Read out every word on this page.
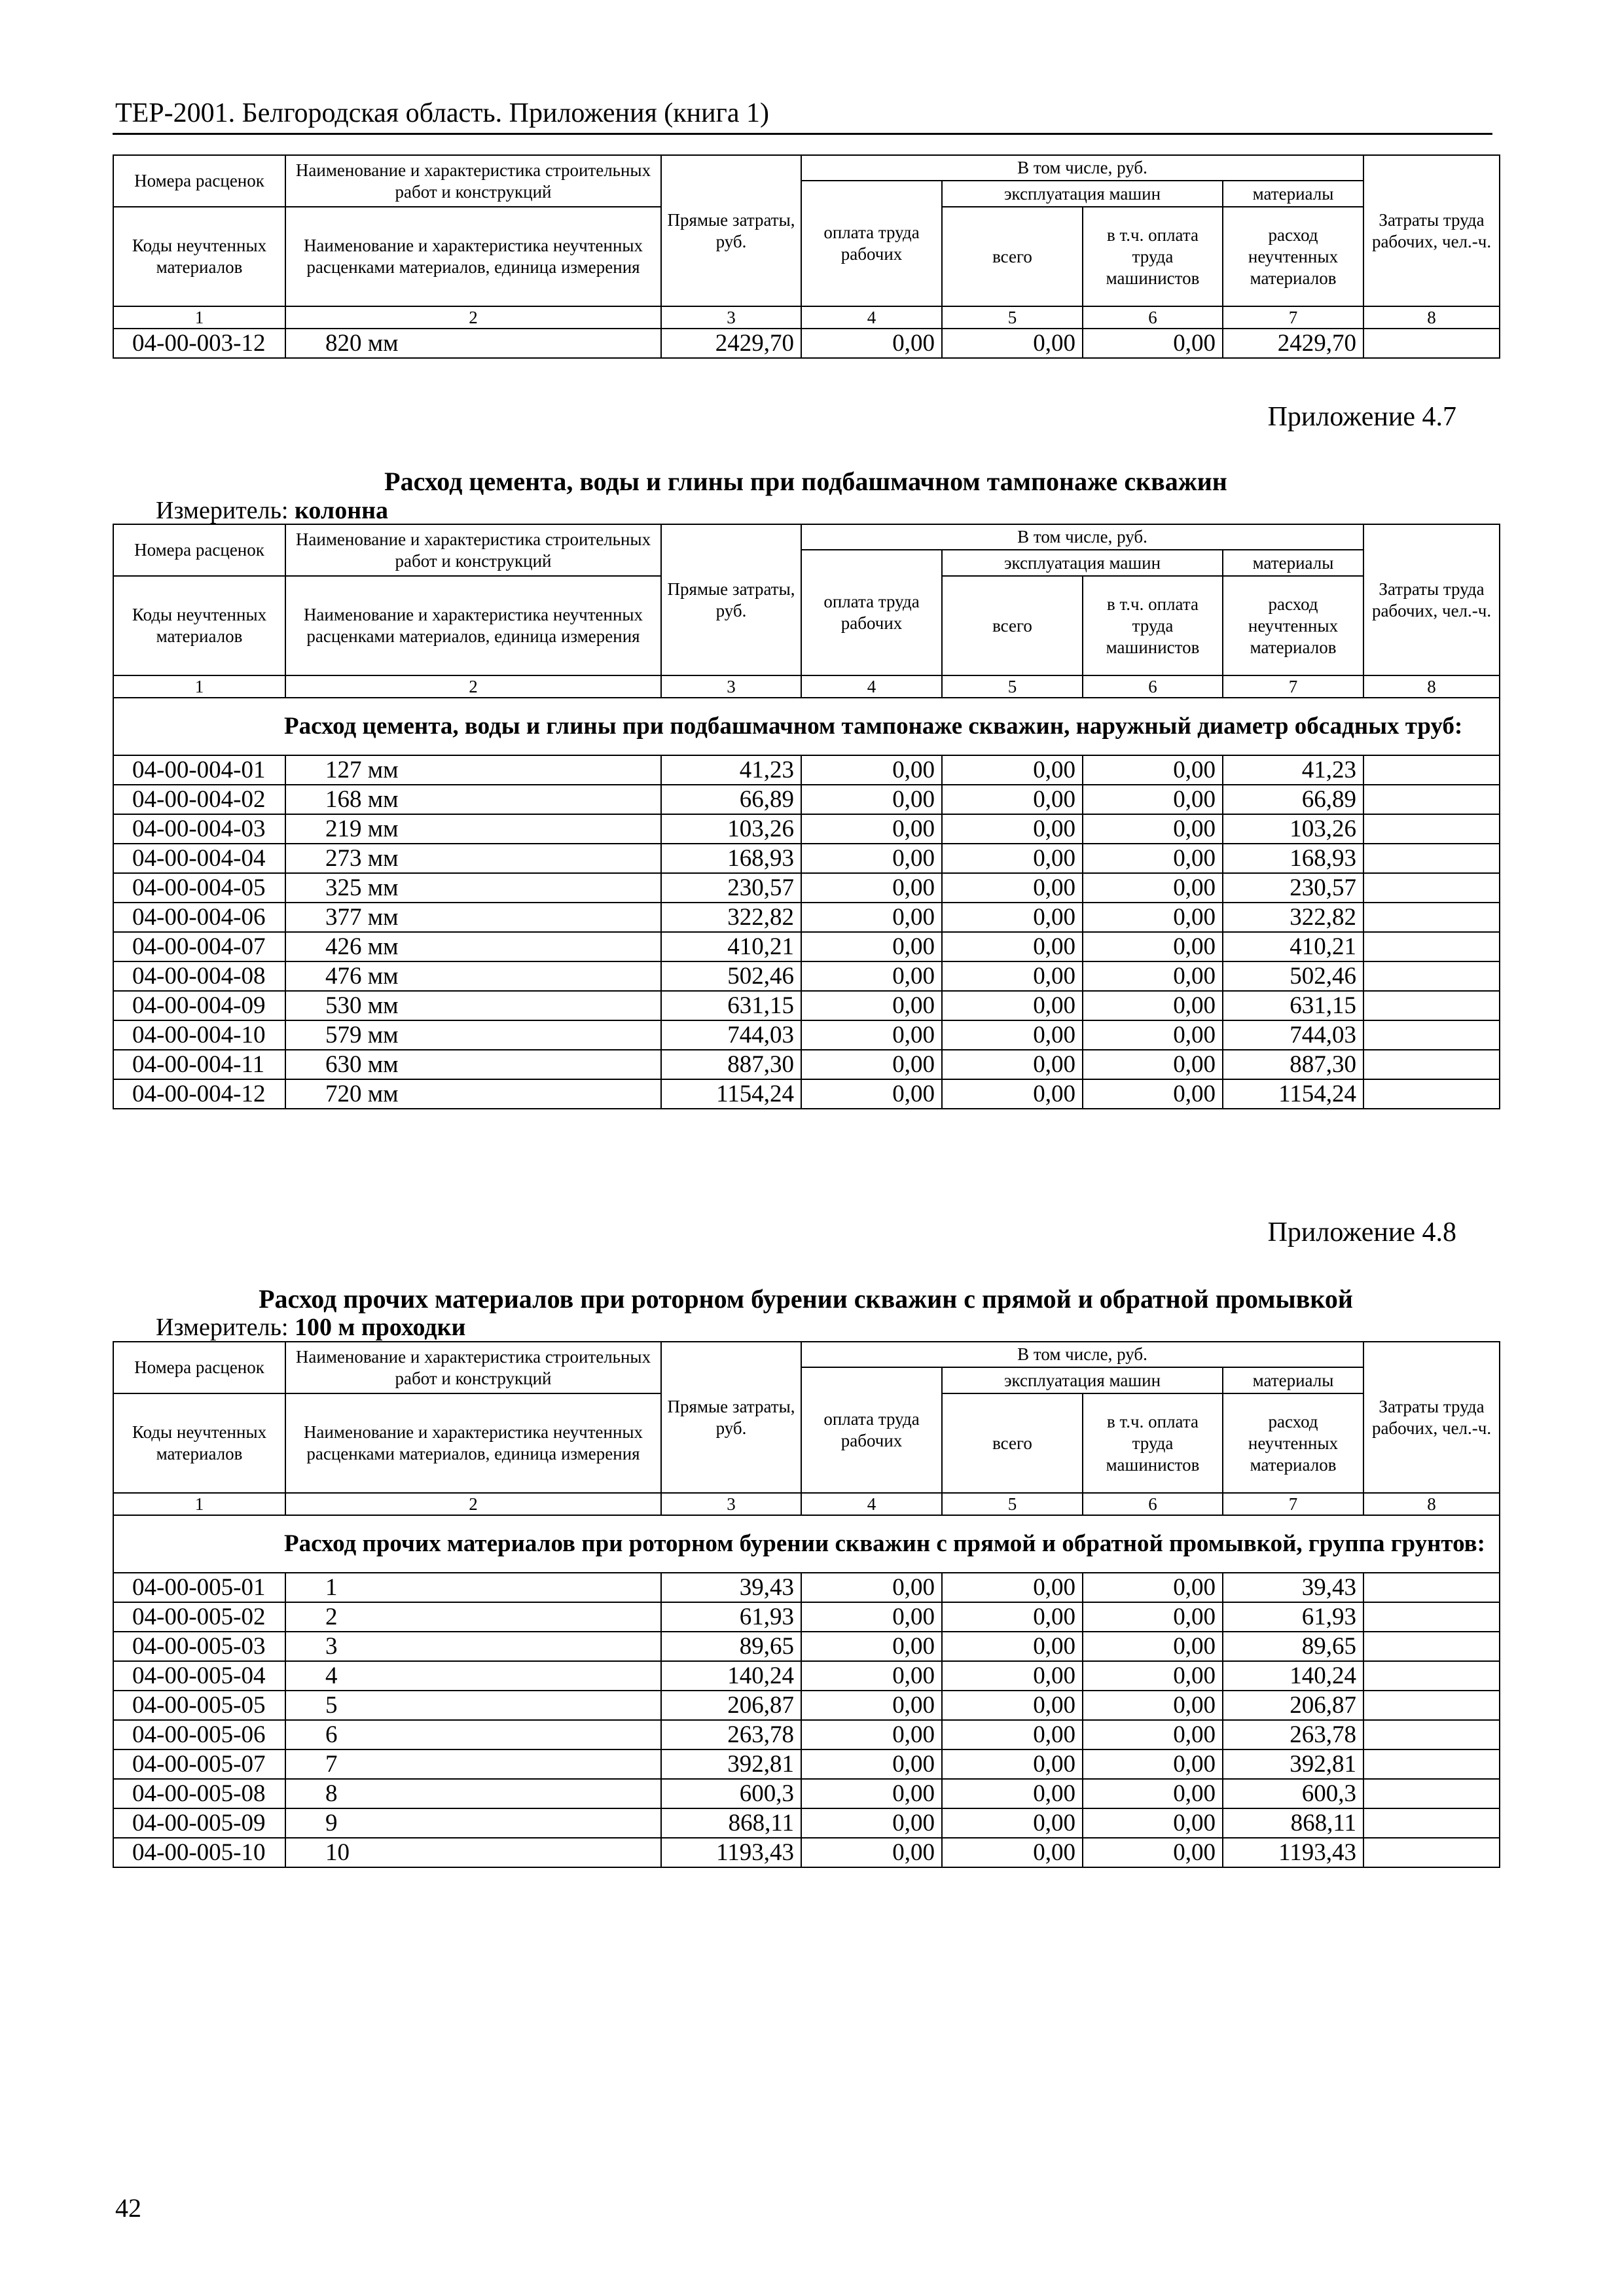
ТЕР-2001. Белгородская область. Приложения (книга 1)
Номера расценок	Наименование и характеристика строительных работ и конструкций	Прямые затраты, руб.	В том числе, руб.				Затраты труда рабочих, чел.-ч.
			оплата труда рабочих	эксплуатация машин		материалы	
Коды неучтенных материалов	Наименование и характеристика неучтенных расценками материалов, единица измерения			всего	в т.ч. оплата труда машинистов	расход неучтенных материалов	

1	2	3	4	5	6	7	8
04-00-003-12	820 мм	2429,70	0,00	0,00	0,00	2429,70	
Приложение 4.7
Расход цемента, воды и глины при подбашмачном тампонаже скважин
Измеритель: колонна
Номера расценок	Наименование и характеристика строительных работ и конструкций	Прямые затраты, руб.	В том числе, руб.				Затраты труда рабочих, чел.-ч.
			оплата труда рабочих	эксплуатация машин		материалы	
Коды неучтенных материалов	Наименование и характеристика неучтенных расценками материалов, единица измерения			всего	в т.ч. оплата труда машинистов	расход неучтенных материалов	

1	2	3	4	5	6	7	8
Расход цемента, воды и глины при подбашмачном тампонаже скважин, наружный диаметр обсадных труб:							
04-00-004-01	127 мм	41,23	0,00	0,00	0,00	41,23	
04-00-004-02	168 мм	66,89	0,00	0,00	0,00	66,89	
04-00-004-03	219 мм	103,26	0,00	0,00	0,00	103,26	
04-00-004-04	273 мм	168,93	0,00	0,00	0,00	168,93	
04-00-004-05	325 мм	230,57	0,00	0,00	0,00	230,57	
04-00-004-06	377 мм	322,82	0,00	0,00	0,00	322,82	
04-00-004-07	426 мм	410,21	0,00	0,00	0,00	410,21	
04-00-004-08	476 мм	502,46	0,00	0,00	0,00	502,46	
04-00-004-09	530 мм	631,15	0,00	0,00	0,00	631,15	
04-00-004-10	579 мм	744,03	0,00	0,00	0,00	744,03	
04-00-004-11	630 мм	887,30	0,00	0,00	0,00	887,30	
04-00-004-12	720 мм	1154,24	0,00	0,00	0,00	1154,24	
Приложение 4.8
Расход прочих материалов при роторном бурении скважин с прямой и обратной промывкой
Измеритель: 100 м проходки
Номера расценок	Наименование и характеристика строительных работ и конструкций	Прямые затраты, руб.	В том числе, руб.				Затраты труда рабочих, чел.-ч.
			оплата труда рабочих	эксплуатация машин		материалы	
Коды неучтенных материалов	Наименование и характеристика неучтенных расценками материалов, единица измерения			всего	в т.ч. оплата труда машинистов	расход неучтенных материалов	

1	2	3	4	5	6	7	8
Расход прочих материалов при роторном бурении скважин с прямой и обратной промывкой, группа грунтов:							
04-00-005-01	1	39,43	0,00	0,00	0,00	39,43	
04-00-005-02	2	61,93	0,00	0,00	0,00	61,93	
04-00-005-03	3	89,65	0,00	0,00	0,00	89,65	
04-00-005-04	4	140,24	0,00	0,00	0,00	140,24	
04-00-005-05	5	206,87	0,00	0,00	0,00	206,87	
04-00-005-06	6	263,78	0,00	0,00	0,00	263,78	
04-00-005-07	7	392,81	0,00	0,00	0,00	392,81	
04-00-005-08	8	600,3	0,00	0,00	0,00	600,3	
04-00-005-09	9	868,11	0,00	0,00	0,00	868,11	
04-00-005-10	10	1193,43	0,00	0,00	0,00	1193,43	
42
